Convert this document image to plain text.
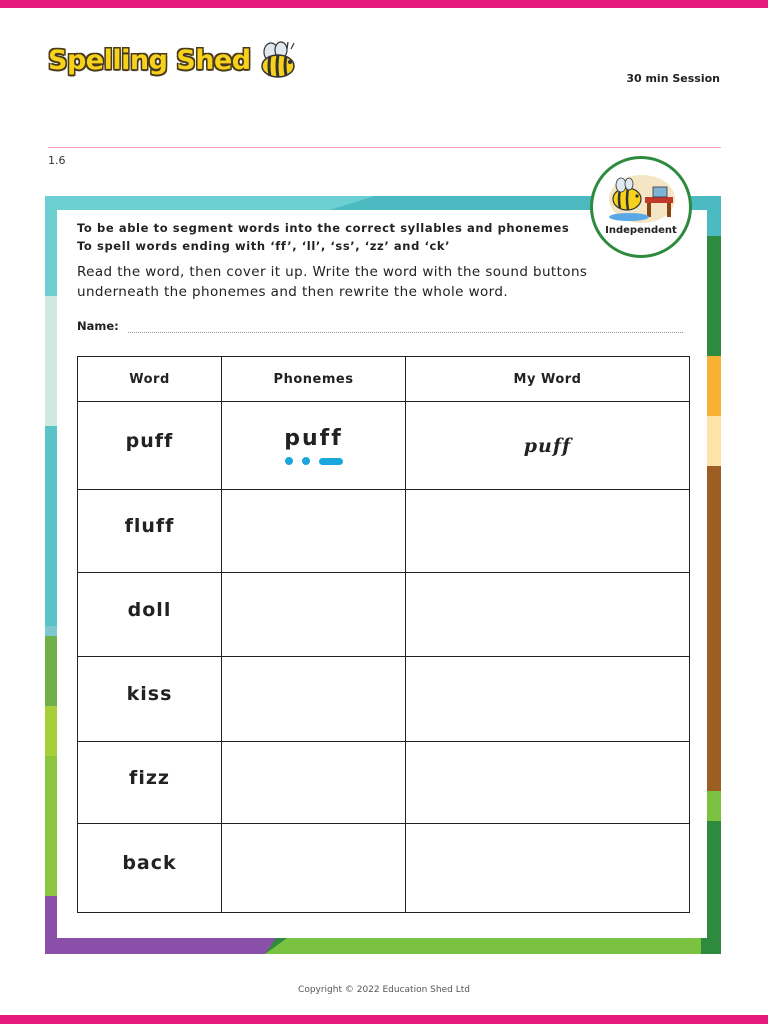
Spelling Shed
30 min Session
1.6
Independent
To be able to segment words into the correct syllables and phonemes
To spell words ending with ‘ff’, ‘ll’, ‘ss’, ‘zz’ and ‘ck’
Read the word, then cover it up. Write the word with the sound buttons underneath the phonemes and then rewrite the whole word.
Name:
Word	Phonemes	My Word
puff	puff	puff
fluff		
doll		
kiss		
fizz		
back		
Copyright © 2022 Education Shed Ltd
